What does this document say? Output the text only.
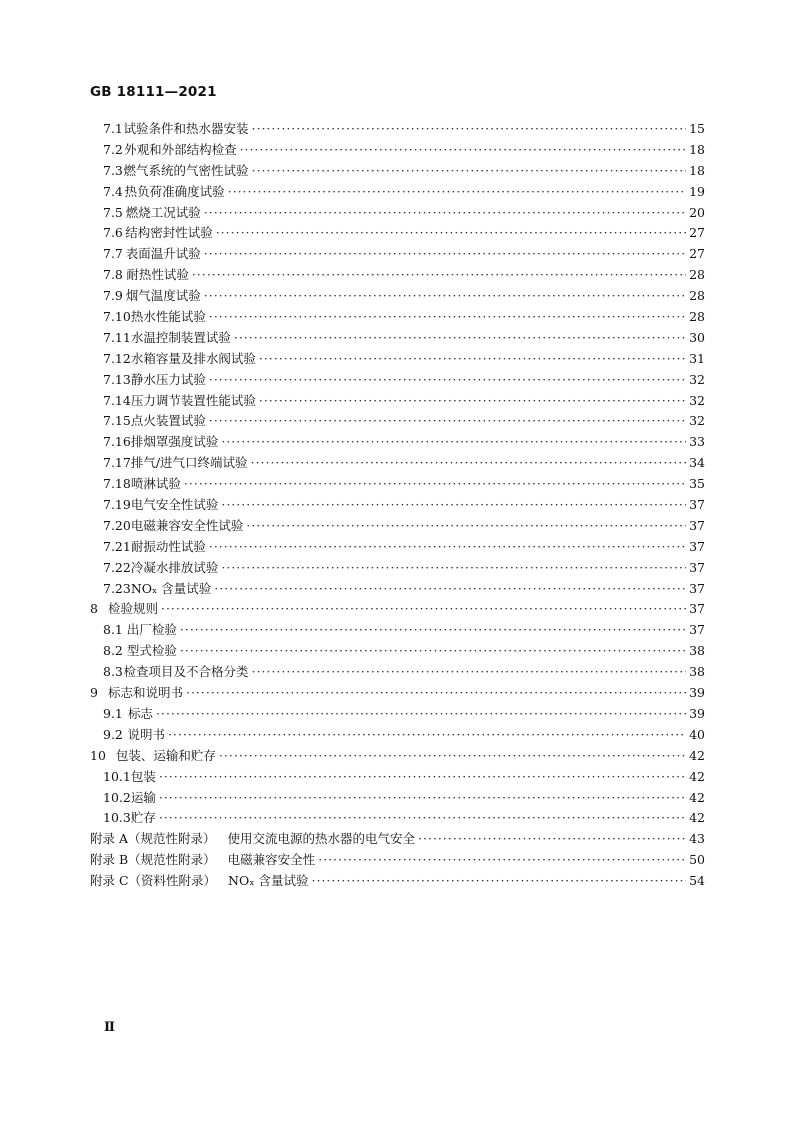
GB 18111—2021
7.1 试验条件和热水器安装 ·····	15
7.2 外观和外部结构检查 ·····	18
7.3 燃气系统的气密性试验 ·····	18
7.4 热负荷准确度试验 ·····	19
7.5 燃烧工况试验 ·····	20
7.6 结构密封性试验 ·····	27
7.7 表面温升试验 ·····	27
7.8 耐热性试验 ·····	28
7.9 烟气温度试验 ·····	28
7.10 热水性能试验 ·····	28
7.11 水温控制装置试验 ·····	30
7.12 水箱容量及排水阀试验 ·····	31
7.13 静水压力试验 ·····	32
7.14 压力调节装置性能试验 ·····	32
7.15 点火装置试验 ·····	32
7.16 排烟罩强度试验 ·····	33
7.17 排气/进气口终端试验 ·····	34
7.18 喷淋试验 ·····	35
7.19 电气安全性试验 ·····	37
7.20 电磁兼容安全性试验 ·····	37
7.21 耐振动性试验 ·····	37
7.22 冷凝水排放试验 ·····	37
7.23 NOₓ 含量试验 ·····	37
8 检验规则 ·····	37
8.1 出厂检验 ·····	37
8.2 型式检验 ·····	38
8.3 检查项目及不合格分类 ·····	38
9 标志和说明书 ·····	39
9.1 标志 ·····	39
9.2 说明书 ·····	40
10 包装、运输和贮存 ·····	42
10.1 包装 ·····	42
10.2 运输 ·····	42
10.3 贮存 ·····	42
附录 A（规范性附录） 使用交流电源的热水器的电气安全 ·····	43
附录 B（规范性附录） 电磁兼容安全性 ·····	50
附录 C（资料性附录） NOₓ 含量试验 ·····	54
Ⅱ
